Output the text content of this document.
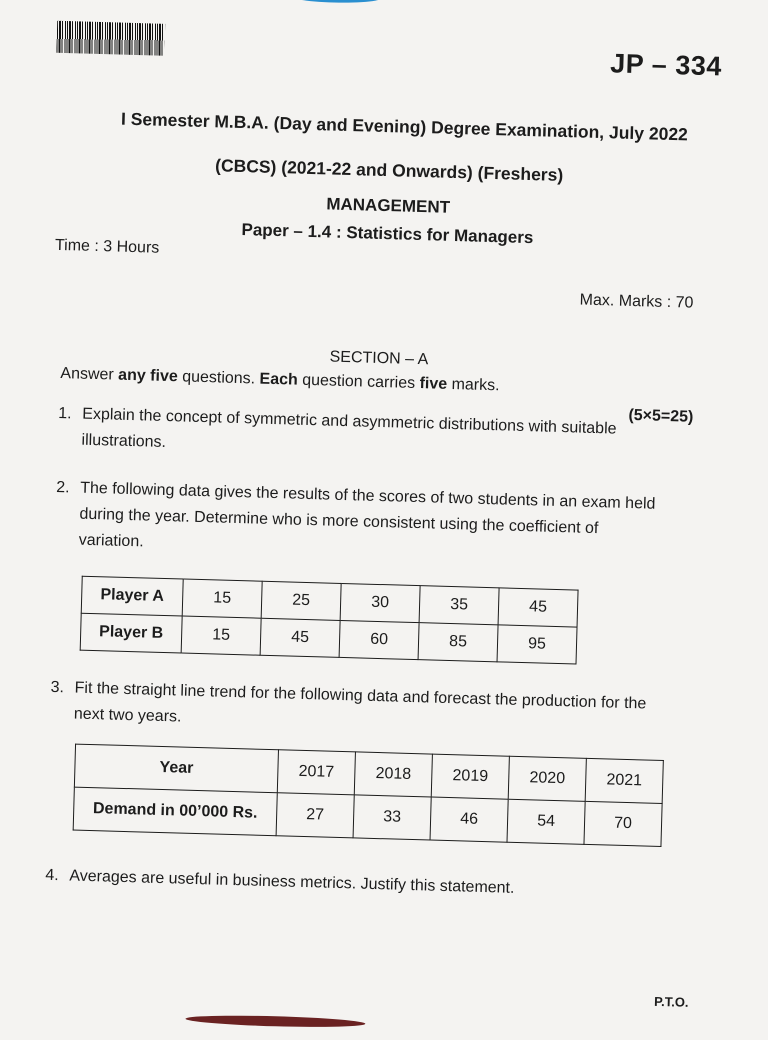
JP – 334
I Semester M.B.A. (Day and Evening) Degree Examination, July 2022
(CBCS) (2021-22 and Onwards) (Freshers)
MANAGEMENT
Paper – 1.4 : Statistics for Managers
Time : 3 Hours
Max. Marks : 70
SECTION – A
Answer any five questions. Each question carries five marks.
(5×5=25)
1. Explain the concept of symmetric and asymmetric distributions with suitable illustrations.
2. The following data gives the results of the scores of two students in an exam held during the year. Determine who is more consistent using the coefficient of variation.
Player A	15	25	30	35	45
Player B	15	45	60	85	95
3. Fit the straight line trend for the following data and forecast the production for the next two years.
Year	2017	2018	2019	2020	2021
Demand in 00’000 Rs.	27	33	46	54	70
4. Averages are useful in business metrics. Justify this statement.
P.T.O.
